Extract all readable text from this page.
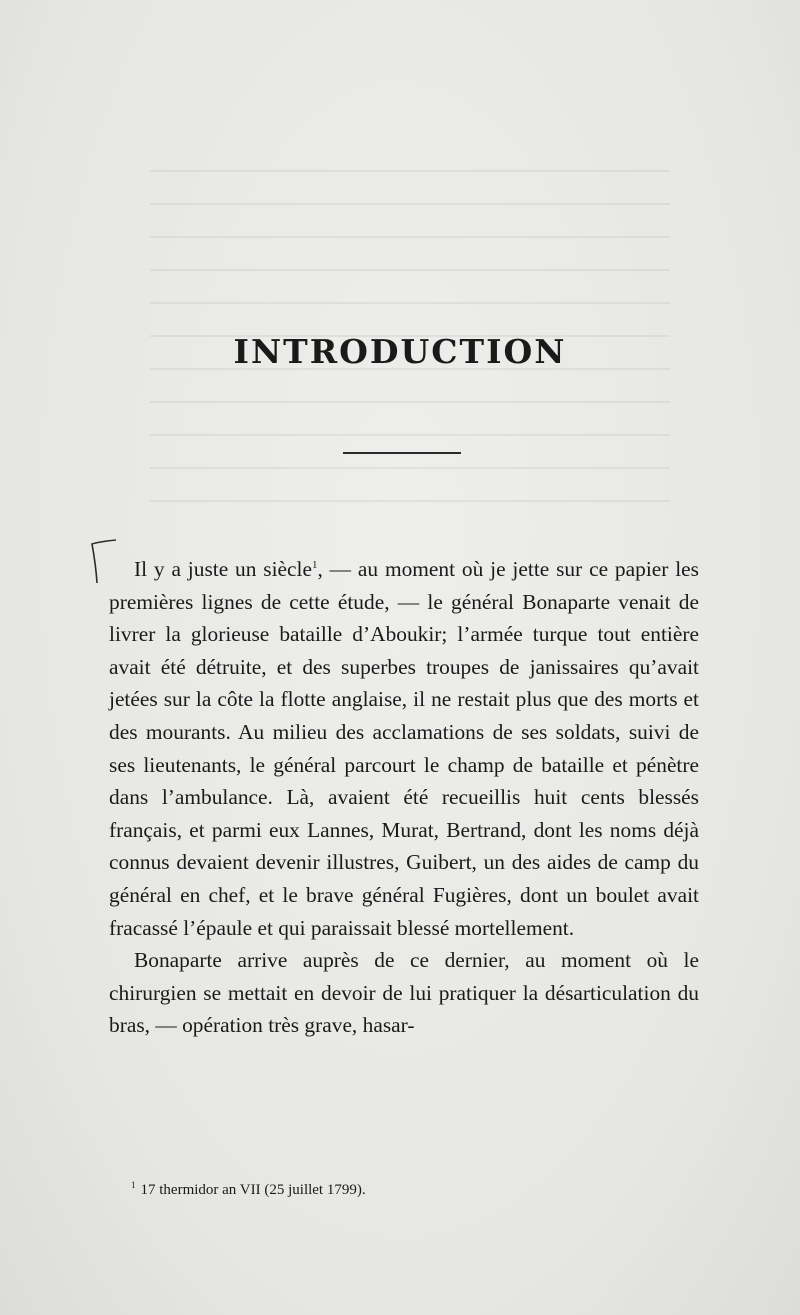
INTRODUCTION

Il y a juste un siècle$^1$, — au moment où je jette sur ce papier les premières lignes de cette étude, — le général Bonaparte venait de livrer la glorieuse bataille d’Aboukir; l’armée turque tout entière avait été détruite, et des superbes troupes de janissaires qu’avait jetées sur la côte la flotte anglaise, il ne restait plus que des morts et des mourants. Au milieu des acclamations de ses soldats, suivi de ses lieutenants, le général parcourt le champ de bataille et pénètre dans l’ambulance. Là, avaient été recueillis huit cents blessés français, et parmi eux Lannes, Murat, Bertrand, dont les noms déjà connus devaient devenir illustres, Guibert, un des aides de camp du général en chef, et le brave général Fugières, dont un boulet avait fracassé l’épaule et qui paraissait blessé mortellement.

Bonaparte arrive auprès de ce dernier, au moment où le chirurgien se mettait en devoir de lui pratiquer la désarticulation du bras, — opération très grave, hasar-

$^1$ 17 thermidor an VII (25 juillet 1799).
